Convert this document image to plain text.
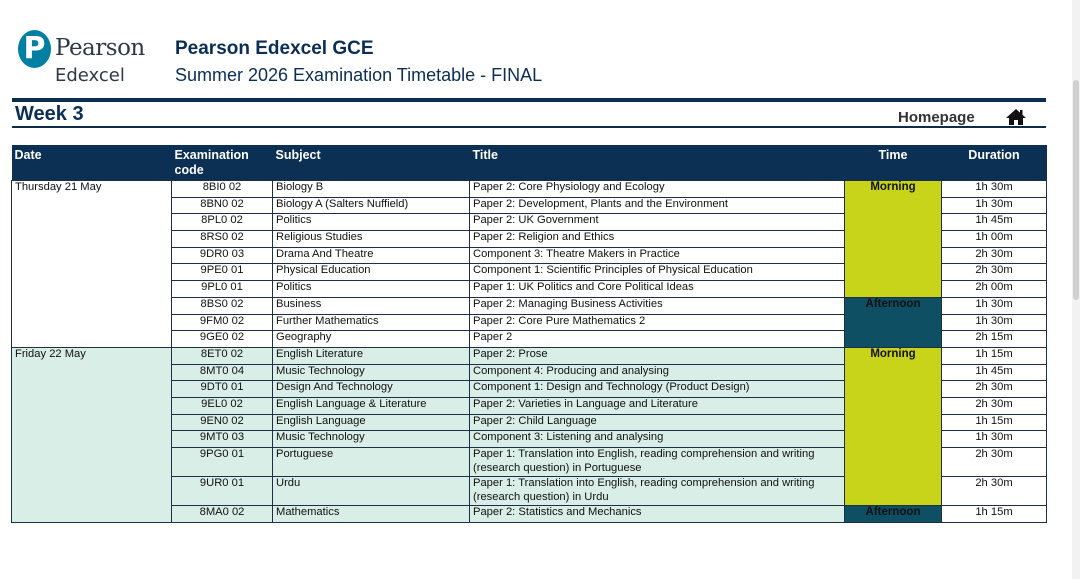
P Pearson
Edexcel
Pearson Edexcel GCE
Summer 2026 Examination Timetable - FINAL
Week 3	Homepage
Date	Examination code	Subject	Title	Time	Duration
Thursday 21 May	8BI0 02	Biology B	Paper 2: Core Physiology and Ecology	Morning	1h 30m
	8BN0 02	Biology A (Salters Nuffield)	Paper 2: Development, Plants and the Environment		1h 30m
	8PL0 02	Politics	Paper 2: UK Government		1h 45m
	8RS0 02	Religious Studies	Paper 2: Religion and Ethics		1h 00m
	9DR0 03	Drama And Theatre	Component 3: Theatre Makers in Practice		2h 30m
	9PE0 01	Physical Education	Component 1: Scientific Principles of Physical Education		2h 30m
	9PL0 01	Politics	Paper 1: UK Politics and Core Political Ideas		2h 00m
	8BS0 02	Business	Paper 2: Managing Business Activities	Afternoon	1h 30m
	9FM0 02	Further Mathematics	Paper 2: Core Pure Mathematics 2		1h 30m
	9GE0 02	Geography	Paper 2		2h 15m
Friday 22 May	8ET0 02	English Literature	Paper 2: Prose	Morning	1h 15m
	8MT0 04	Music Technology	Component 4: Producing and analysing		1h 45m
	9DT0 01	Design And Technology	Component 1: Design and Technology (Product Design)		2h 30m
	9EL0 02	English Language & Literature	Paper 2: Varieties in Language and Literature		2h 30m
	9EN0 02	English Language	Paper 2: Child Language		1h 15m
	9MT0 03	Music Technology	Component 3: Listening and analysing		1h 30m
	9PG0 01	Portuguese	Paper 1: Translation into English, reading comprehension and writing (research question) in Portuguese		2h 30m
	9UR0 01	Urdu	Paper 1: Translation into English, reading comprehension and writing (research question) in Urdu		2h 30m
	8MA0 02	Mathematics	Paper 2: Statistics and Mechanics	Afternoon	1h 15m
